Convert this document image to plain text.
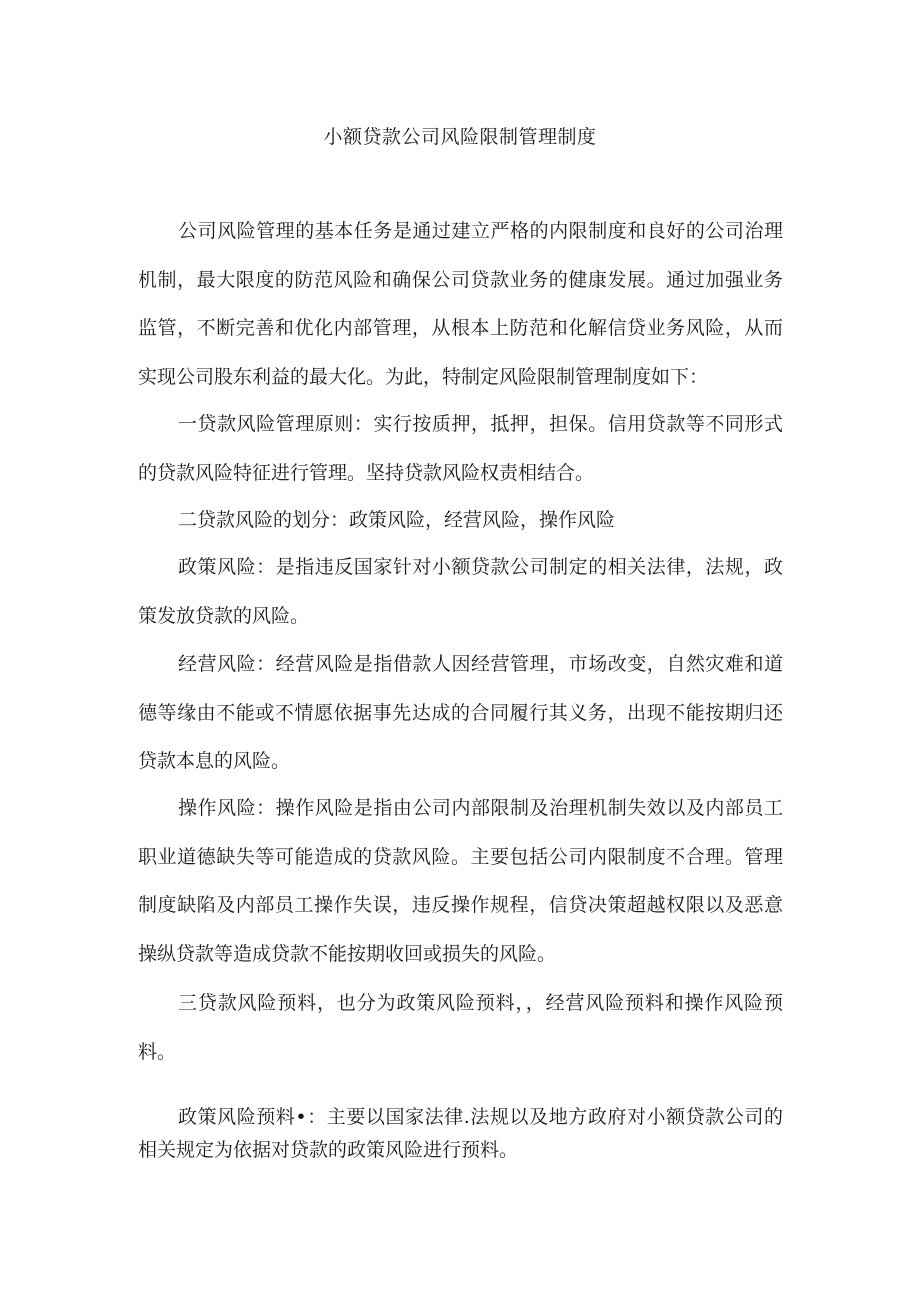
小额贷款公司风险限制管理制度

公司风险管理的基本任务是通过建立严格的内限制度和良好的公司治理机制，最大限度的防范风险和确保公司贷款业务的健康发展。通过加强业务监管，不断完善和优化内部管理，从根本上防范和化解信贷业务风险，从而实现公司股东利益的最大化。为此，特制定风险限制管理制度如下：

一贷款风险管理原则：实行按质押，抵押，担保。信用贷款等不同形式的贷款风险特征进行管理。坚持贷款风险权责相结合。

二贷款风险的划分：政策风险，经营风险，操作风险

政策风险：是指违反国家针对小额贷款公司制定的相关法律，法规，政策发放贷款的风险。

经营风险：经营风险是指借款人因经营管理，市场改变，自然灾难和道德等缘由不能或不情愿依据事先达成的合同履行其义务，出现不能按期归还贷款本息的风险。

操作风险：操作风险是指由公司内部限制及治理机制失效以及内部员工职业道德缺失等可能造成的贷款风险。主要包括公司内限制度不合理。管理制度缺陷及内部员工操作失误，违反操作规程，信贷决策超越权限以及恶意操纵贷款等造成贷款不能按期收回或损失的风险。

三贷款风险预料，也分为政策风险预料，，经营风险预料和操作风险预料。

政策风险预料•：主要以国家法律.法规以及地方政府对小额贷款公司的相关规定为依据对贷款的政策风险进行预料。
